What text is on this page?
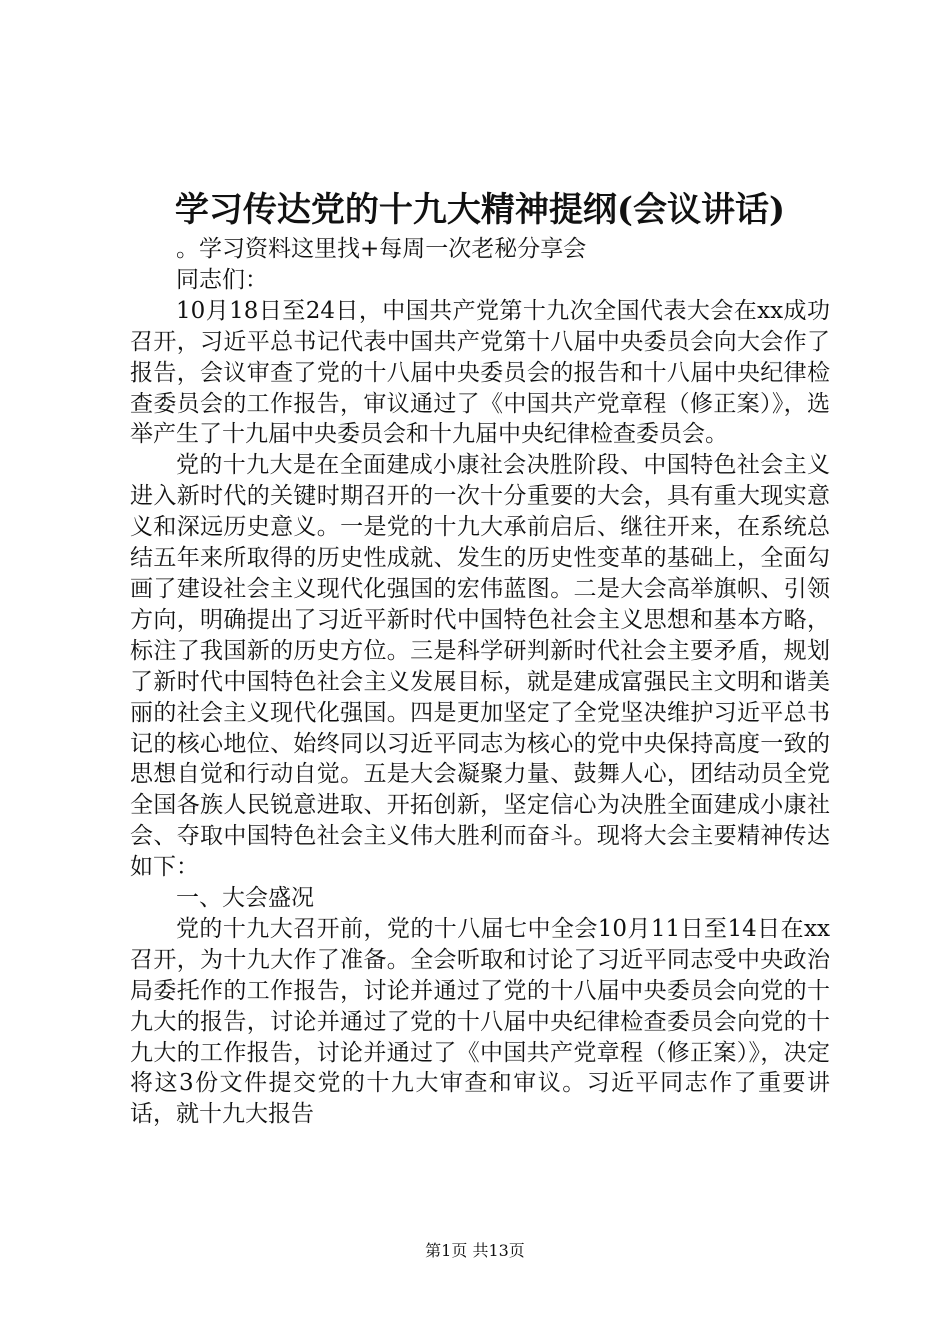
学习传达党的十九大精神提纲(会议讲话)

。学习资料这里找+每周一次老秘分享会

同志们：

10月18日至24日，中国共产党第十九次全国代表大会在xx成功召开，习近平总书记代表中国共产党第十八届中央委员会向大会作了报告，会议审查了党的十八届中央委员会的报告和十八届中央纪律检查委员会的工作报告，审议通过了《中国共产党章程（修正案）》，选举产生了十九届中央委员会和十九届中央纪律检查委员会。

党的十九大是在全面建成小康社会决胜阶段、中国特色社会主义进入新时代的关键时期召开的一次十分重要的大会，具有重大现实意义和深远历史意义。一是党的十九大承前启后、继往开来，在系统总结五年来所取得的历史性成就、发生的历史性变革的基础上，全面勾画了建设社会主义现代化强国的宏伟蓝图。二是大会高举旗帜、引领方向，明确提出了习近平新时代中国特色社会主义思想和基本方略，标注了我国新的历史方位。三是科学研判新时代社会主要矛盾，规划了新时代中国特色社会主义发展目标，就是建成富强民主文明和谐美丽的社会主义现代化强国。四是更加坚定了全党坚决维护习近平总书记的核心地位、始终同以习近平同志为核心的党中央保持高度一致的思想自觉和行动自觉。五是大会凝聚力量、鼓舞人心，团结动员全党全国各族人民锐意进取、开拓创新，坚定信心为决胜全面建成小康社会、夺取中国特色社会主义伟大胜利而奋斗。现将大会主要精神传达如下：

一、大会盛况

党的十九大召开前，党的十八届七中全会10月11日至14日在xx召开，为十九大作了准备。全会听取和讨论了习近平同志受中央政治局委托作的工作报告，讨论并通过了党的十八届中央委员会向党的十九大的报告，讨论并通过了党的十八届中央纪律检查委员会向党的十九大的工作报告，讨论并通过了《中国共产党章程（修正案）》，决定将这3份文件提交党的十九大审查和审议。习近平同志作了重要讲话，就十九大报告

第1页 共13页
